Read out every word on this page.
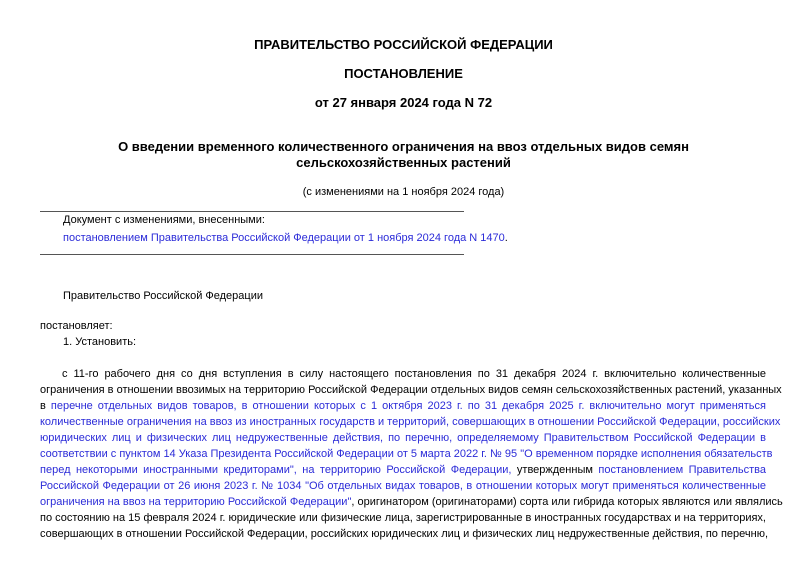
ПРАВИТЕЛЬСТВО РОССИЙСКОЙ ФЕДЕРАЦИИ
ПОСТАНОВЛЕНИЕ
от 27 января 2024 года N 72
О введении временного количественного ограничения на ввоз отдельных видов семян
сельскохозяйственных растений
(с изменениями на 1 ноября 2024 года)
Документ с изменениями, внесенными:
постановлением Правительства Российской Федерации от 1 ноября 2024 года N 1470.
Правительство Российской Федерации
постановляет:
1. Установить:
с 11-го рабочего дня со дня вступления в силу настоящего постановления по 31 декабря 2024 г. включительно количественные
ограничения в отношении ввозимых на территорию Российской Федерации отдельных видов семян сельскохозяйственных растений, указанных
в перечне отдельных видов товаров, в отношении которых с 1 октября 2023 г. по 31 декабря 2025 г. включительно могут применяться
количественные ограничения на ввоз из иностранных государств и территорий, совершающих в отношении Российской Федерации, российских
юридических лиц и физических лиц недружественные действия, по перечню, определяемому Правительством Российской Федерации в
соответствии с пунктом 14 Указа Президента Российской Федерации от 5 марта 2022 г. № 95 "О временном порядке исполнения обязательств
перед некоторыми иностранными кредиторами", на территорию Российской Федерации, утвержденным постановлением Правительства
Российской Федерации от 26 июня 2023 г. № 1034 "Об отдельных видах товаров, в отношении которых могут применяться количественные
ограничения на ввоз на территорию Российской Федерации", оригинатором (оригинаторами) сорта или гибрида которых являются или являлись
по состоянию на 15 февраля 2024 г. юридические или физические лица, зарегистрированные в иностранных государствах и на территориях,
совершающих в отношении Российской Федерации, российских юридических лиц и физических лиц недружественные действия, по перечню,
